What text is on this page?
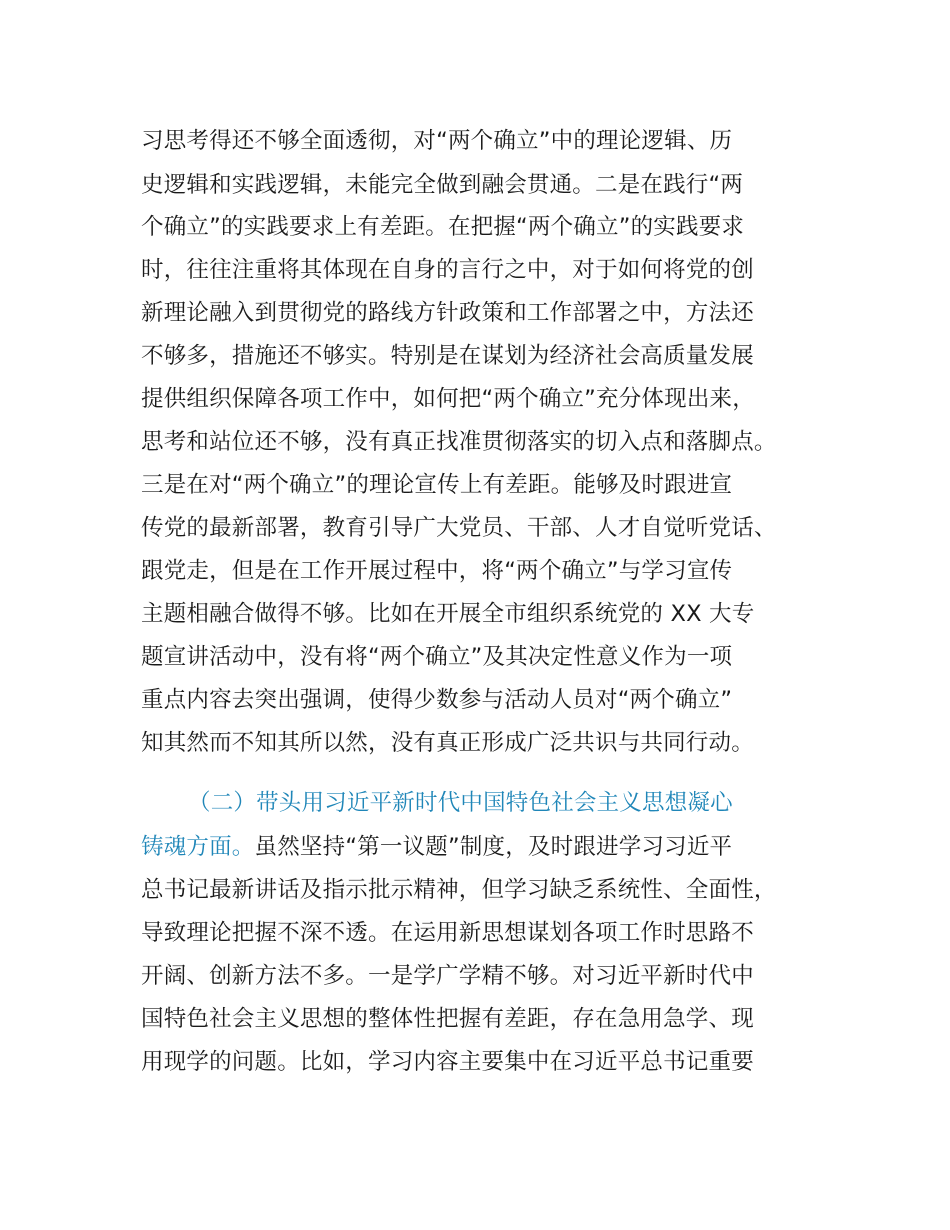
习思考得还不够全面透彻，对“两个确立”中的理论逻辑、历
史逻辑和实践逻辑，未能完全做到融会贯通。二是在践行“两
个确立”的实践要求上有差距。在把握“两个确立”的实践要求
时，往往注重将其体现在自身的言行之中，对于如何将党的创
新理论融入到贯彻党的路线方针政策和工作部署之中，方法还
不够多，措施还不够实。特别是在谋划为经济社会高质量发展
提供组织保障各项工作中，如何把“两个确立”充分体现出来，
思考和站位还不够，没有真正找准贯彻落实的切入点和落脚点。
三是在对“两个确立”的理论宣传上有差距。能够及时跟进宣
传党的最新部署，教育引导广大党员、干部、人才自觉听党话、
跟党走，但是在工作开展过程中，将“两个确立”与学习宣传
主题相融合做得不够。比如在开展全市组织系统党的 XX 大专
题宣讲活动中，没有将“两个确立”及其决定性意义作为一项
重点内容去突出强调，使得少数参与活动人员对“两个确立”
知其然而不知其所以然，没有真正形成广泛共识与共同行动。
（二）带头用习近平新时代中国特色社会主义思想凝心
铸魂方面。虽然坚持“第一议题”制度，及时跟进学习习近平
总书记最新讲话及指示批示精神，但学习缺乏系统性、全面性，
导致理论把握不深不透。在运用新思想谋划各项工作时思路不
开阔、创新方法不多。一是学广学精不够。对习近平新时代中
国特色社会主义思想的整体性把握有差距，存在急用急学、现
用现学的问题。比如，学习内容主要集中在习近平总书记重要
